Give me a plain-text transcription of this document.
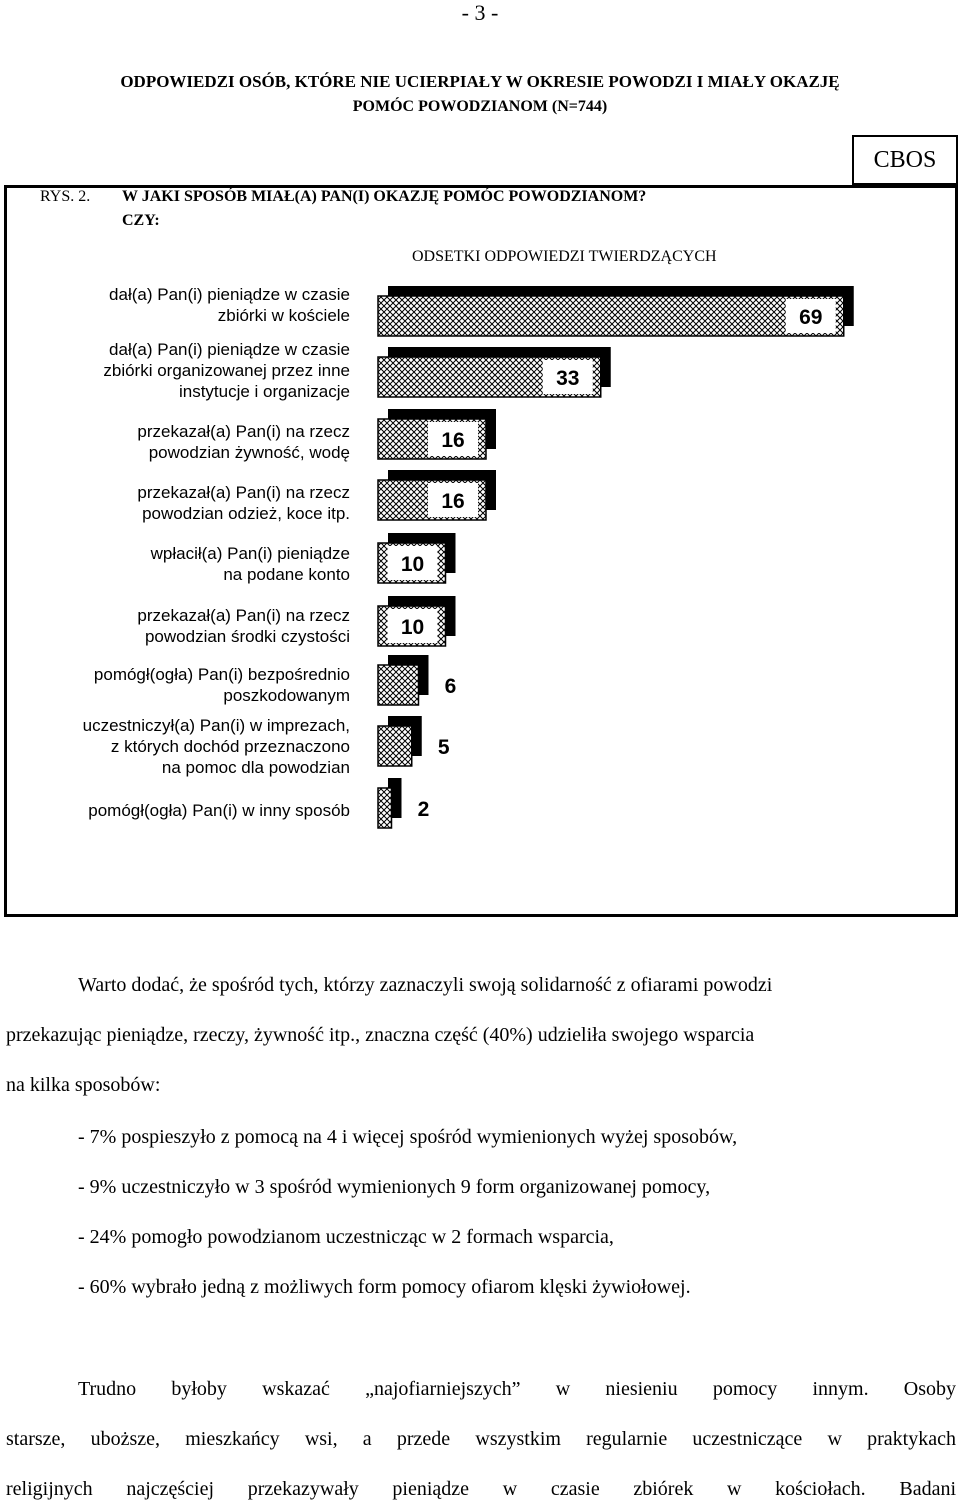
- 3 -
ODPOWIEDZI OSÓB, KTÓRE NIE UCIERPIAŁY W OKRESIE POWODZI I MIAŁY OKAZJĘ
POMÓC POWODZIANOM (N=744)
CBOS
RYS. 2. W JAKI SPOSÓB MIAŁ(A) PAN(I) OKAZJĘ POMÓC POWODZIANOM?
CZY:
ODSETKI ODPOWIEDZI TWIERDZĄCYCH
dał(a) Pan(i) pieniądze w czasie
zbiórki w kościele
dał(a) Pan(i) pieniądze w czasie
zbiórki organizowanej przez inne
instytucje i organizacje
przekazał(a) Pan(i) na rzecz
powodzian żywność, wodę
przekazał(a) Pan(i) na rzecz
powodzian odzież, koce itp.
wpłacił(a) Pan(i) pieniądze
na podane konto
przekazał(a) Pan(i) na rzecz
powodzian środki czystości
pomógł(ogła) Pan(i) bezpośrednio
poszkodowanym
uczestniczył(a) Pan(i) w imprezach,
z których dochód przeznaczono
na pomoc dla powodzian
pomógł(ogła) Pan(i) w inny sposób
69
33
16
16
10
10
6
5
2
Warto dodać, że spośród tych, którzy zaznaczyli swoją solidarność z ofiarami powodzi
przekazując pieniądze, rzeczy, żywność itp., znaczna część (40%) udzieliła swojego wsparcia
na kilka sposobów:
- 7% pospieszyło z pomocą na 4 i więcej spośród wymienionych wyżej sposobów,
- 9% uczestniczyło w 3 spośród wymienionych 9 form organizowanej pomocy,
- 24% pomogło powodzianom uczestnicząc w 2 formach wsparcia,
- 60% wybrało jedną z możliwych form pomocy ofiarom klęski żywiołowej.
Trudno byłoby wskazać „najofiarniejszych” w niesieniu pomocy innym. Osoby
starsze, uboższe, mieszkańcy wsi, a przede wszystkim regularnie uczestniczące w praktykach
religijnych najczęściej przekazywały pieniądze w czasie zbiórek w kościołach. Badani
